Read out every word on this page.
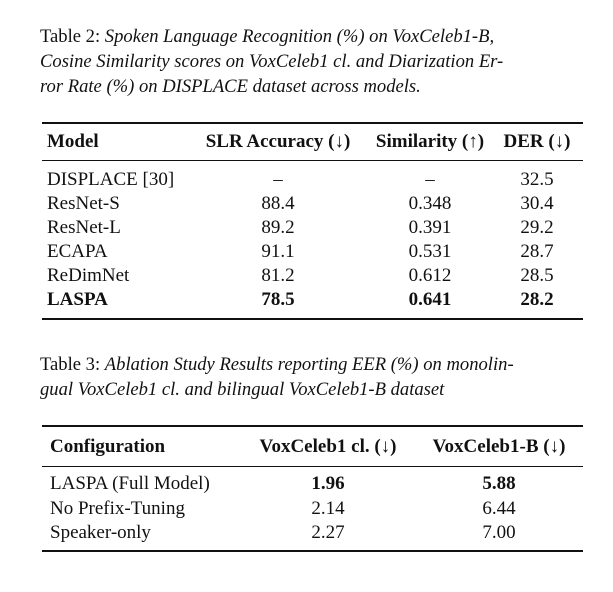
Table 2: Spoken Language Recognition (%) on VoxCeleb1-B,
Cosine Similarity scores on VoxCeleb1 cl. and Diarization Er-
ror Rate (%) on DISPLACE dataset across models.
Model	SLR Accuracy (↓)	Similarity (↑)	DER (↓)
DISPLACE [30]	–	–	32.5
ResNet-S	88.4	0.348	30.4
ResNet-L	89.2	0.391	29.2
ECAPA	91.1	0.531	28.7
ReDimNet	81.2	0.612	28.5
LASPA	78.5	0.641	28.2
Table 3: Ablation Study Results reporting EER (%) on monolin-
gual VoxCeleb1 cl. and bilingual VoxCeleb1-B dataset
Configuration	VoxCeleb1 cl. (↓)	VoxCeleb1-B (↓)
LASPA (Full Model)	1.96	5.88
No Prefix-Tuning	2.14	6.44
Speaker-only	2.27	7.00
